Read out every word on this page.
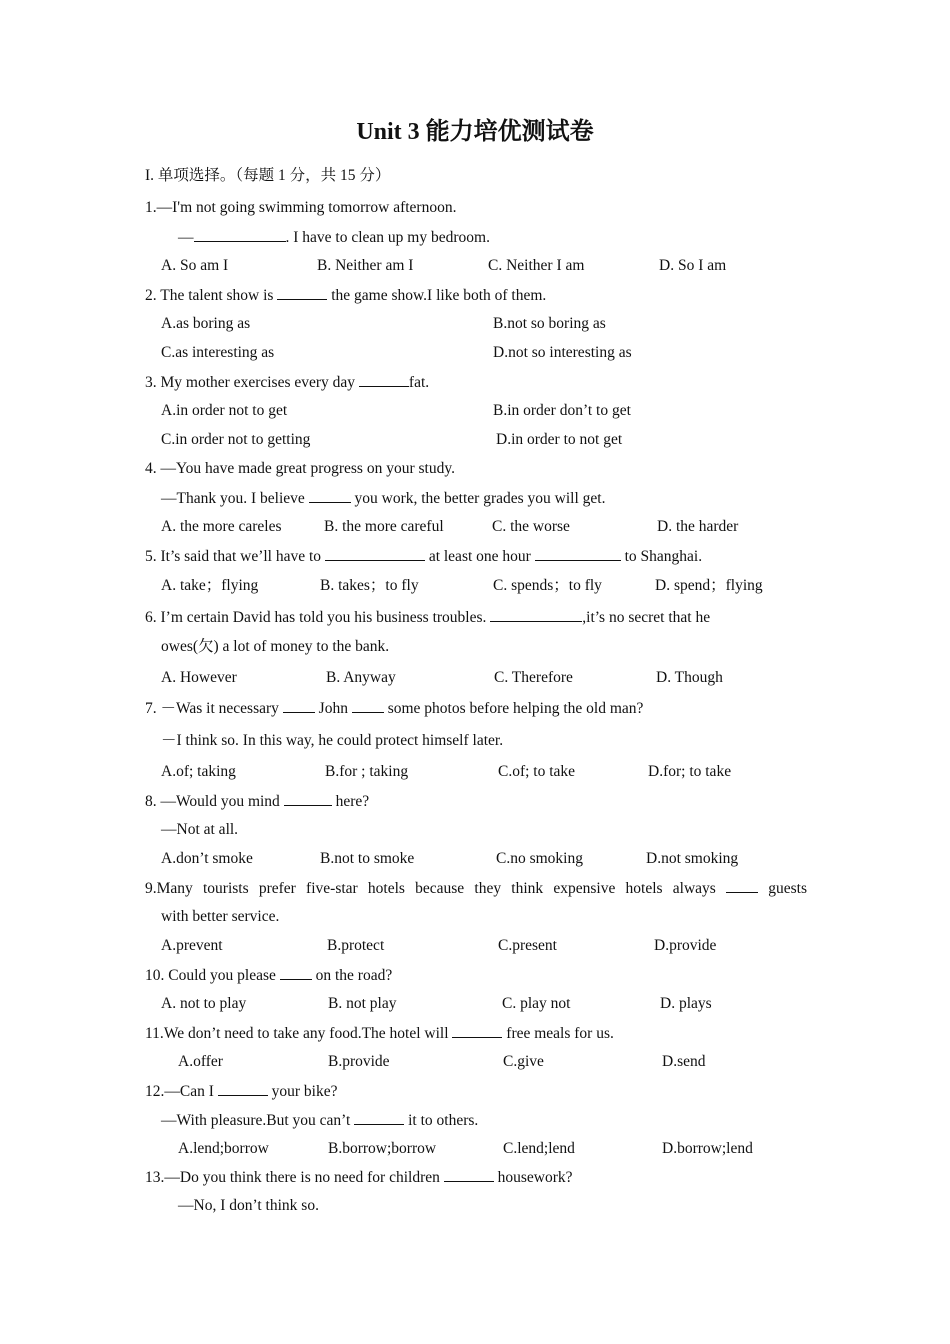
Unit 3 能力培优测试卷
I. 单项选择。（每题 1 分，共 15 分）
1.—I'm not going swimming tomorrow afternoon.
—	. I have to clean up my bedroom.
A. So am I	B. Neither am I	C. Neither I am	D. So I am
2. The talent show is	the game show.I like both of them.
A.as boring as	B.not so boring as
C.as interesting as	D.not so interesting as
3. My mother exercises every day	fat.
A.in order not to get	B.in order don’t to get
C.in order not to getting	D.in order to not get
4. —You have made great progress on your study.
—Thank you. I believe	you work, the better grades you will get.
A. the more careles	B. the more careful	C. the worse	D. the harder
5. It’s said that we’ll have to	at least one hour	to Shanghai.
A. take；flying	B. takes；to fly	C. spends；to fly	D. spend；flying
6. I’m certain David has told you his business troubles.	,it’s no secret that he
owes(欠) a lot of money to the bank.
A. However	B. Anyway	C. Therefore	D. Though
7. －Was it necessary  John  some photos before helping the old man?
－I think so. In this way, he could protect himself later.
A.of; taking	B.for ; taking	C.of; to take	D.for; to take
8. —Would you mind	here?
—Not at all.
A.don’t smoke	B.not to smoke	C.no smoking	D.not smoking
9.Many tourists prefer five-star hotels because they think expensive hotels always	guests
with better service.
A.prevent	B.protect	C.present	D.provide
10. Could you please  on the road?
A. not to play	B. not play	C. play not	D. plays
11.We don’t need to take any food.The hotel will	free meals for us.
A.offer	B.provide	C.give	D.send
12.—Can I	your bike?
—With pleasure.But you can’t	it to others.
A.lend;borrow	B.borrow;borrow	C.lend;lend	D.borrow;lend
13.—Do you think there is no need for children	housework?
—No, I don’t think so.
